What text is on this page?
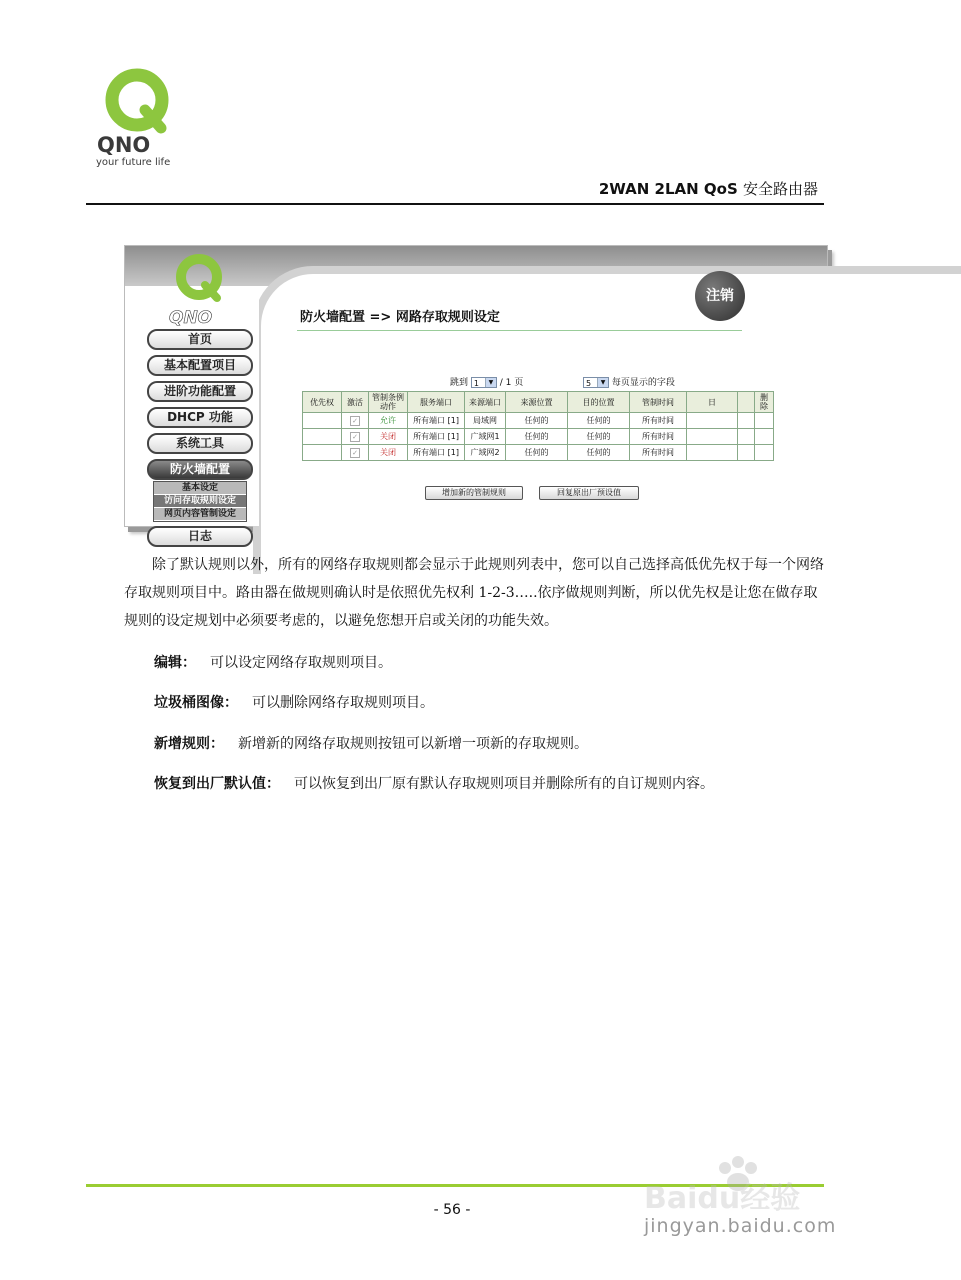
QNO
your future life
2WAN 2LAN QoS 安全路由器
QNO
注销
首页
基本配置项目
进阶功能配置
DHCP 功能
系统工具
防火墙配置
基本设定
访问存取规则设定
网页内容管制设定
日志
防火墙配置 => 网路存取规则设定
跳到 1	▼ / 1 页	5	▼ 每页显示的字段
优先权	激活	管制条例动作	服务端口	来源端口	来源位置	目的位置	管制时间	日		删除
	✓	允许	所有端口 [1]	局域网	任何的	任何的	所有时间			
	✓	关闭	所有端口 [1]	广域网1	任何的	任何的	所有时间			
	✓	关闭	所有端口 [1]	广域网2	任何的	任何的	所有时间			
增加新的管制规则	回复原出厂预设值
除了默认规则以外，所有的网络存取规则都会显示于此规则列表中，您可以自己选择高低优先权于每一个网络存取规则项目中。路由器在做规则确认时是依照优先权利 1-2-3…..依序做规则判断，所以优先权是让您在做存取规则的设定规划中必须要考虑的，以避免您想开启或关闭的功能失效。
编辑： 可以设定网络存取规则项目。
垃圾桶图像： 可以删除网络存取规则项目。
新增规则： 新增新的网络存取规则按钮可以新增一项新的存取规则。
恢复到出厂默认值： 可以恢复到出厂原有默认存取规则项目并删除所有的自订规则内容。
- 56 -	Baidu经验
jingyan.baidu.com
